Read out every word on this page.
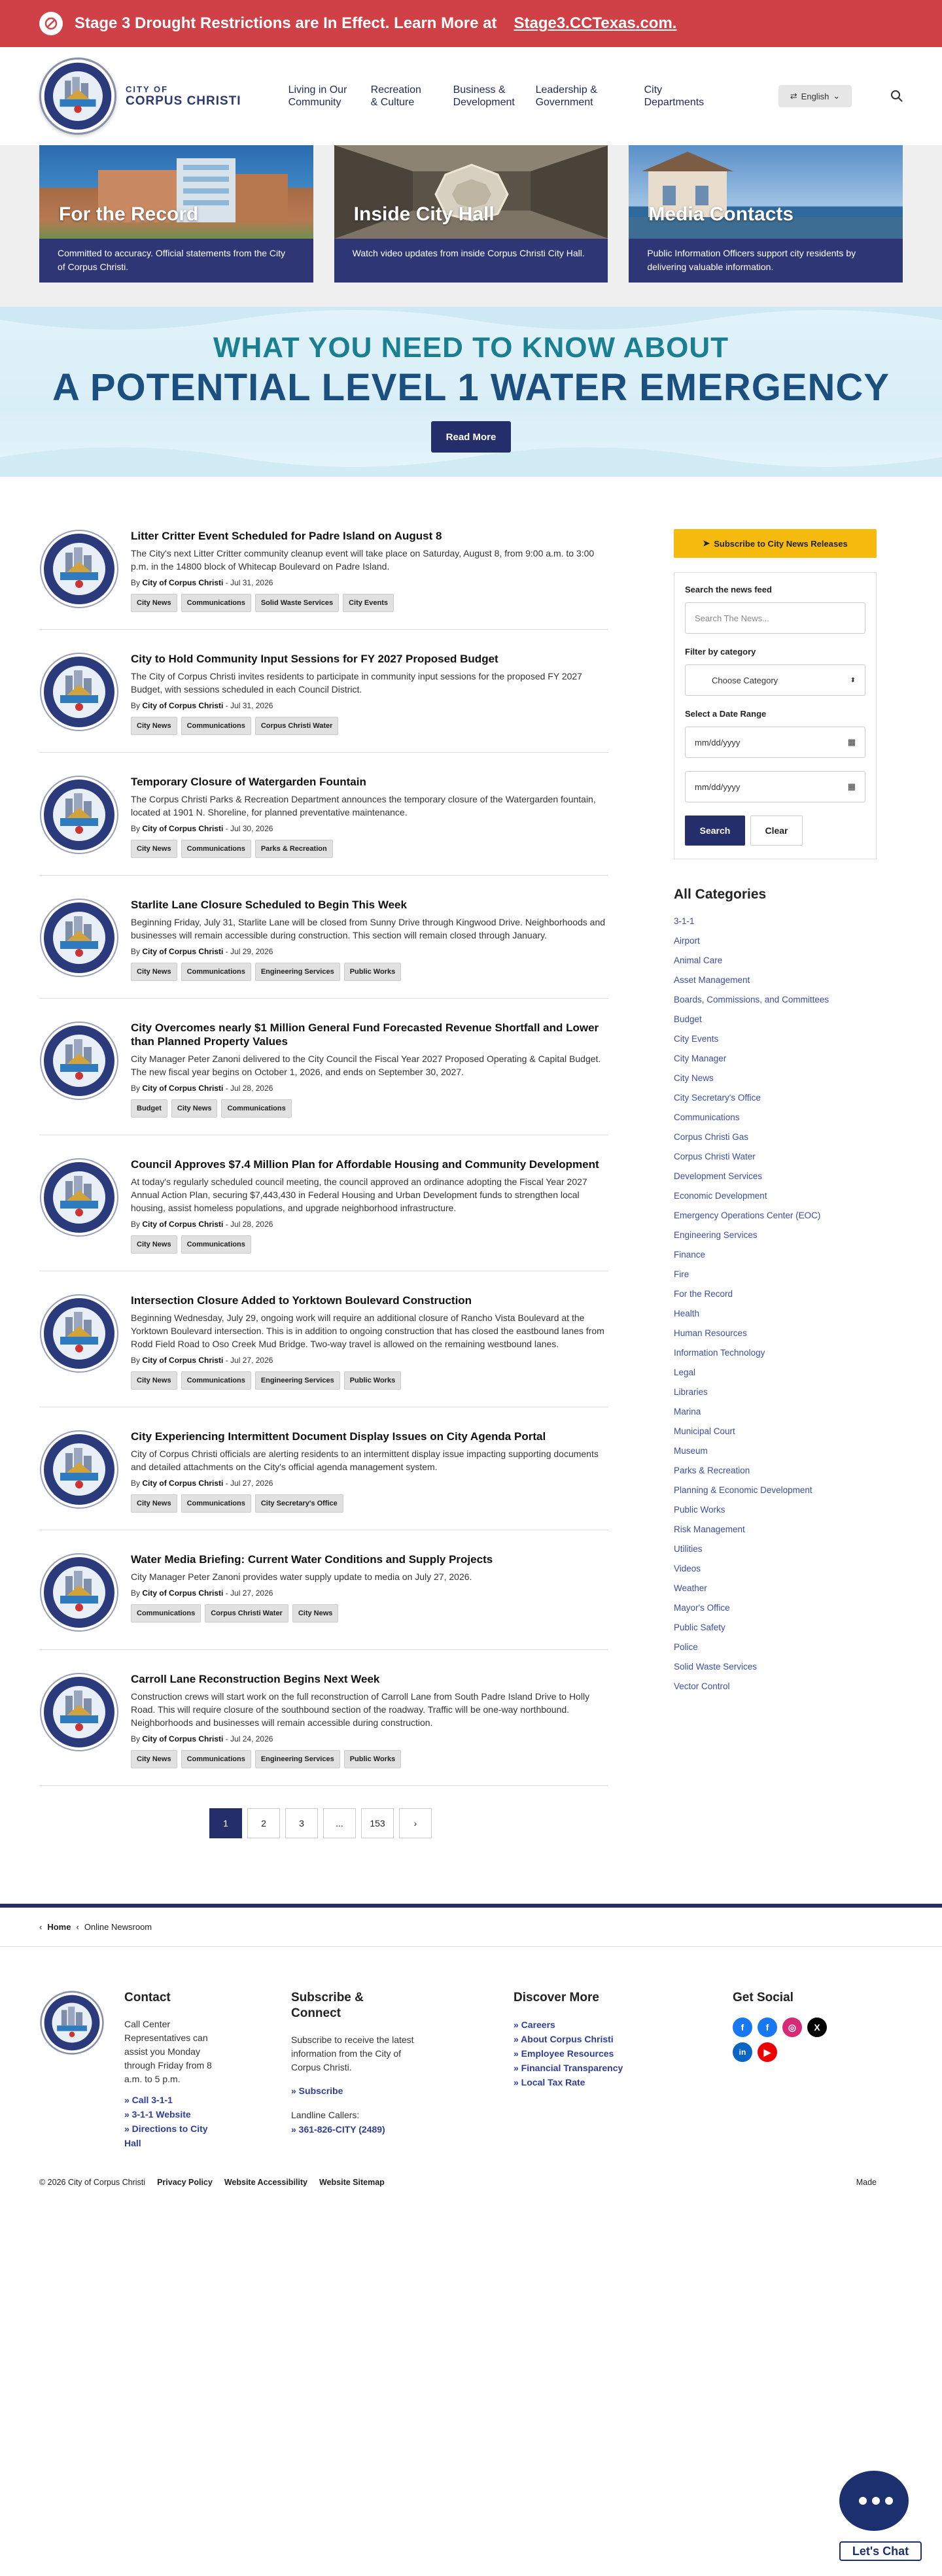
Stage 3 Drought Restrictions are In Effect. Learn More at Stage3.CCTexas.com.
CITY OF
CORPUS CHRISTI
Living in Our Community
Recreation & Culture
Business & Development
Leadership & Government
City Departments
⇄ English ⌄
For the Record
Committed to accuracy. Official statements from the City of Corpus Christi.
Inside City Hall
Watch video updates from inside Corpus Christi City Hall.
Media Contacts
Public Information Officers support city residents by delivering valuable information.
WHAT YOU NEED TO KNOW ABOUT
A POTENTIAL LEVEL 1 WATER EMERGENCY
Read More
Litter Critter Event Scheduled for Padre Island on August 8
The City's next Litter Critter community cleanup event will take place on Saturday, August 8, from 9:00 a.m. to 3:00 p.m. in the 14800 block of Whitecap Boulevard on Padre Island.
By City of Corpus Christi - Jul 31, 2026
City News	Communications	Solid Waste Services	City Events
City to Hold Community Input Sessions for FY 2027 Proposed Budget
The City of Corpus Christi invites residents to participate in community input sessions for the proposed FY 2027 Budget, with sessions scheduled in each Council District.
By City of Corpus Christi - Jul 31, 2026
City News	Communications	Corpus Christi Water
Temporary Closure of Watergarden Fountain
The Corpus Christi Parks & Recreation Department announces the temporary closure of the Watergarden fountain, located at 1901 N. Shoreline, for planned preventative maintenance.
By City of Corpus Christi - Jul 30, 2026
City News	Communications	Parks & Recreation
Starlite Lane Closure Scheduled to Begin This Week
Beginning Friday, July 31, Starlite Lane will be closed from Sunny Drive through Kingwood Drive. Neighborhoods and businesses will remain accessible during construction. This section will remain closed through January.
By City of Corpus Christi - Jul 29, 2026
City News	Communications	Engineering Services	Public Works
City Overcomes nearly $1 Million General Fund Forecasted Revenue Shortfall and Lower than Planned Property Values
City Manager Peter Zanoni delivered to the City Council the Fiscal Year 2027 Proposed Operating & Capital Budget. The new fiscal year begins on October 1, 2026, and ends on September 30, 2027.
By City of Corpus Christi - Jul 28, 2026
Budget	City News	Communications
Council Approves $7.4 Million Plan for Affordable Housing and Community Development
At today's regularly scheduled council meeting, the council approved an ordinance adopting the Fiscal Year 2027 Annual Action Plan, securing $7,443,430 in Federal Housing and Urban Development funds to strengthen local housing, assist homeless populations, and upgrade neighborhood infrastructure.
By City of Corpus Christi - Jul 28, 2026
City News	Communications
Intersection Closure Added to Yorktown Boulevard Construction
Beginning Wednesday, July 29, ongoing work will require an additional closure of Rancho Vista Boulevard at the Yorktown Boulevard intersection. This is in addition to ongoing construction that has closed the eastbound lanes from Rodd Field Road to Oso Creek Mud Bridge. Two-way travel is allowed on the remaining westbound lanes.
By City of Corpus Christi - Jul 27, 2026
City News	Communications	Engineering Services	Public Works
City Experiencing Intermittent Document Display Issues on City Agenda Portal
City of Corpus Christi officials are alerting residents to an intermittent display issue impacting supporting documents and detailed attachments on the City's official agenda management system.
By City of Corpus Christi - Jul 27, 2026
City News	Communications	City Secretary's Office
Water Media Briefing: Current Water Conditions and Supply Projects
City Manager Peter Zanoni provides water supply update to media on July 27, 2026.
By City of Corpus Christi - Jul 27, 2026
Communications	Corpus Christi Water	City News
Carroll Lane Reconstruction Begins Next Week
Construction crews will start work on the full reconstruction of Carroll Lane from South Padre Island Drive to Holly Road. This will require closure of the southbound section of the roadway. Traffic will be one-way northbound. Neighborhoods and businesses will remain accessible during construction.
By City of Corpus Christi - Jul 24, 2026
City News	Communications	Engineering Services	Public Works
1	2	3	...	153	›
➤ Subscribe to City News Releases
Search the news feed
Search The News...
Filter by category
Choose Category	⬍
Select a Date Range
mm/dd/yyyy	▦
mm/dd/yyyy	▦
Search	Clear
All Categories
3-1-1
Airport
Animal Care
Asset Management
Boards, Commissions, and Committees
Budget
City Events
City Manager
City News
City Secretary's Office
Communications
Corpus Christi Gas
Corpus Christi Water
Development Services
Economic Development
Emergency Operations Center (EOC)
Engineering Services
Finance
Fire
For the Record
Health
Human Resources
Information Technology
Legal
Libraries
Marina
Municipal Court
Museum
Parks & Recreation
Planning & Economic Development
Public Works
Risk Management
Utilities
Videos
Weather
Mayor's Office
Public Safety
Police
Solid Waste Services
Vector Control
‹ Home ‹ Online Newsroom
Contact
Call Center Representatives can assist you Monday through Friday from 8 a.m. to 5 p.m.
» Call 3-1-1
» 3-1-1 Website
» Directions to City Hall
Subscribe & Connect
Subscribe to receive the latest information from the City of Corpus Christi.
» Subscribe
Landline Callers:
» 361-826-CITY (2489)
Discover More
» Careers
» About Corpus Christi
» Employee Resources
» Financial Transparency
» Local Tax Rate
Get Social
f	f	◎	X
in	▶
© 2026 City of Corpus Christi Privacy Policy Website Accessibility Website Sitemap	Made
Let's Chat
